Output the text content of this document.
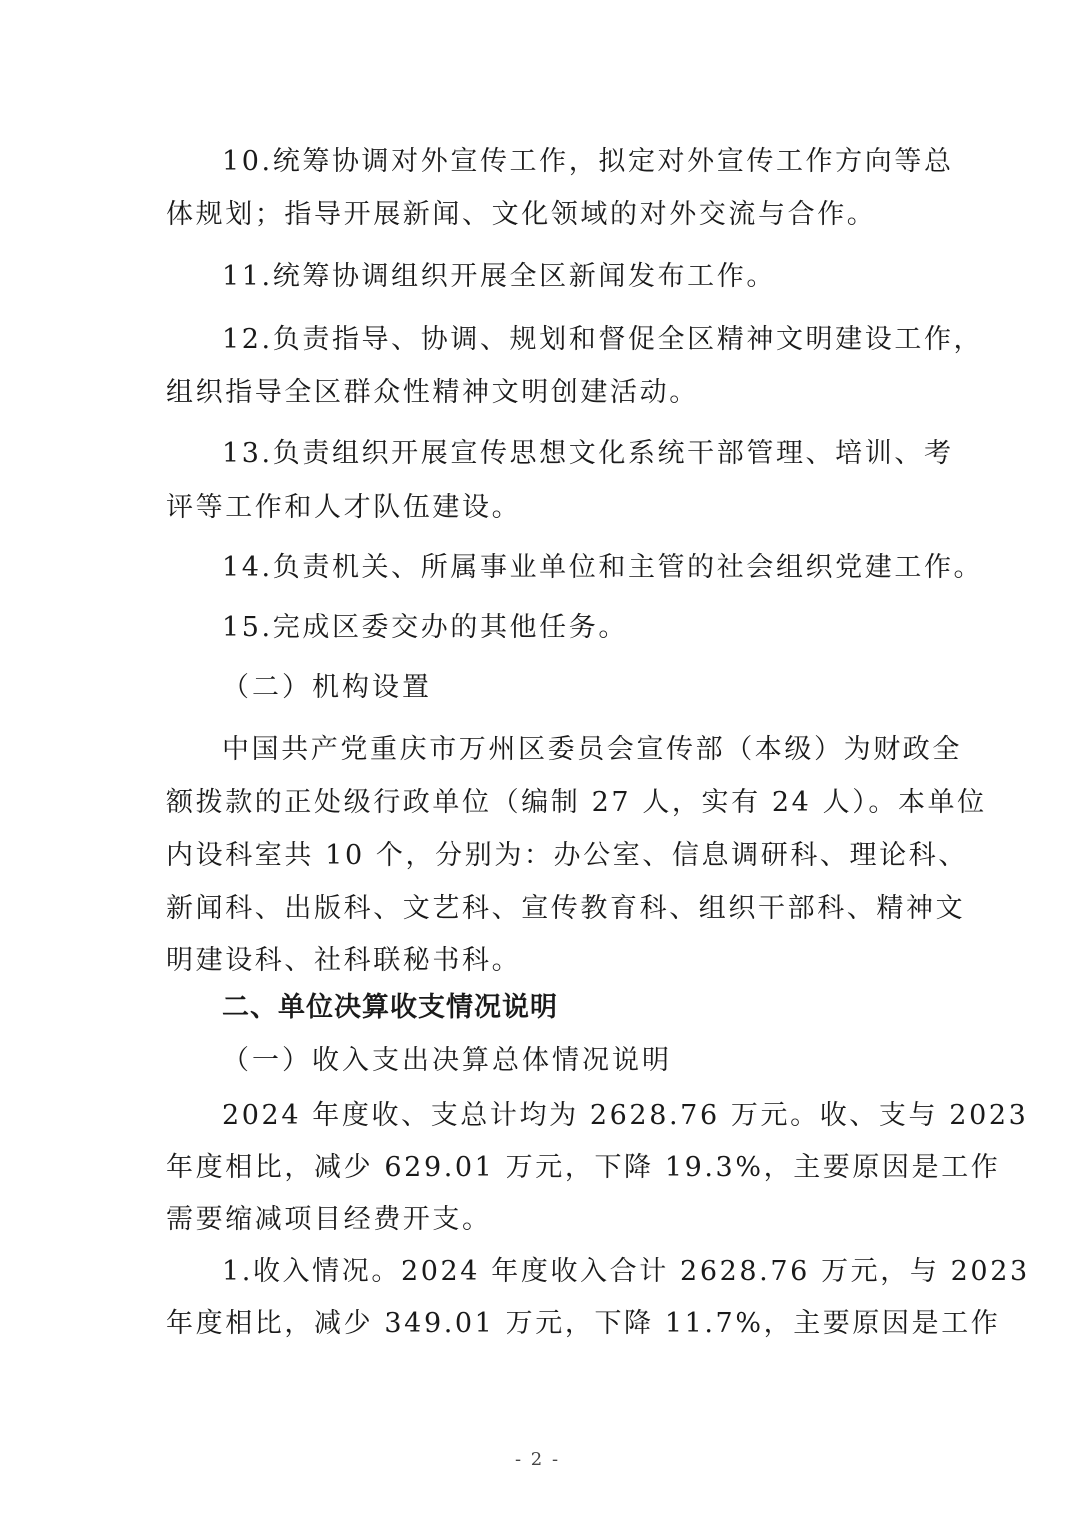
10.统筹协调对外宣传工作，拟定对外宣传工作方向等总
体规划；指导开展新闻、文化领域的对外交流与合作。
11.统筹协调组织开展全区新闻发布工作。
12.负责指导、协调、规划和督促全区精神文明建设工作，
组织指导全区群众性精神文明创建活动。
13.负责组织开展宣传思想文化系统干部管理、培训、考
评等工作和人才队伍建设。
14.负责机关、所属事业单位和主管的社会组织党建工作。
15.完成区委交办的其他任务。
（二）机构设置
中国共产党重庆市万州区委员会宣传部（本级）为财政全
额拨款的正处级行政单位（编制 27 人，实有 24 人）。本单位
内设科室共 10 个，分别为：办公室、信息调研科、理论科、
新闻科、出版科、文艺科、宣传教育科、组织干部科、精神文
明建设科、社科联秘书科。
二、单位决算收支情况说明
（一）收入支出决算总体情况说明
2024 年度收、支总计均为 2628.76 万元。收、支与 2023
年度相比，减少 629.01 万元，下降 19.3%，主要原因是工作
需要缩减项目经费开支。
1.收入情况。2024 年度收入合计 2628.76 万元，与 2023
年度相比，减少 349.01 万元，下降 11.7%，主要原因是工作
- 2 -
